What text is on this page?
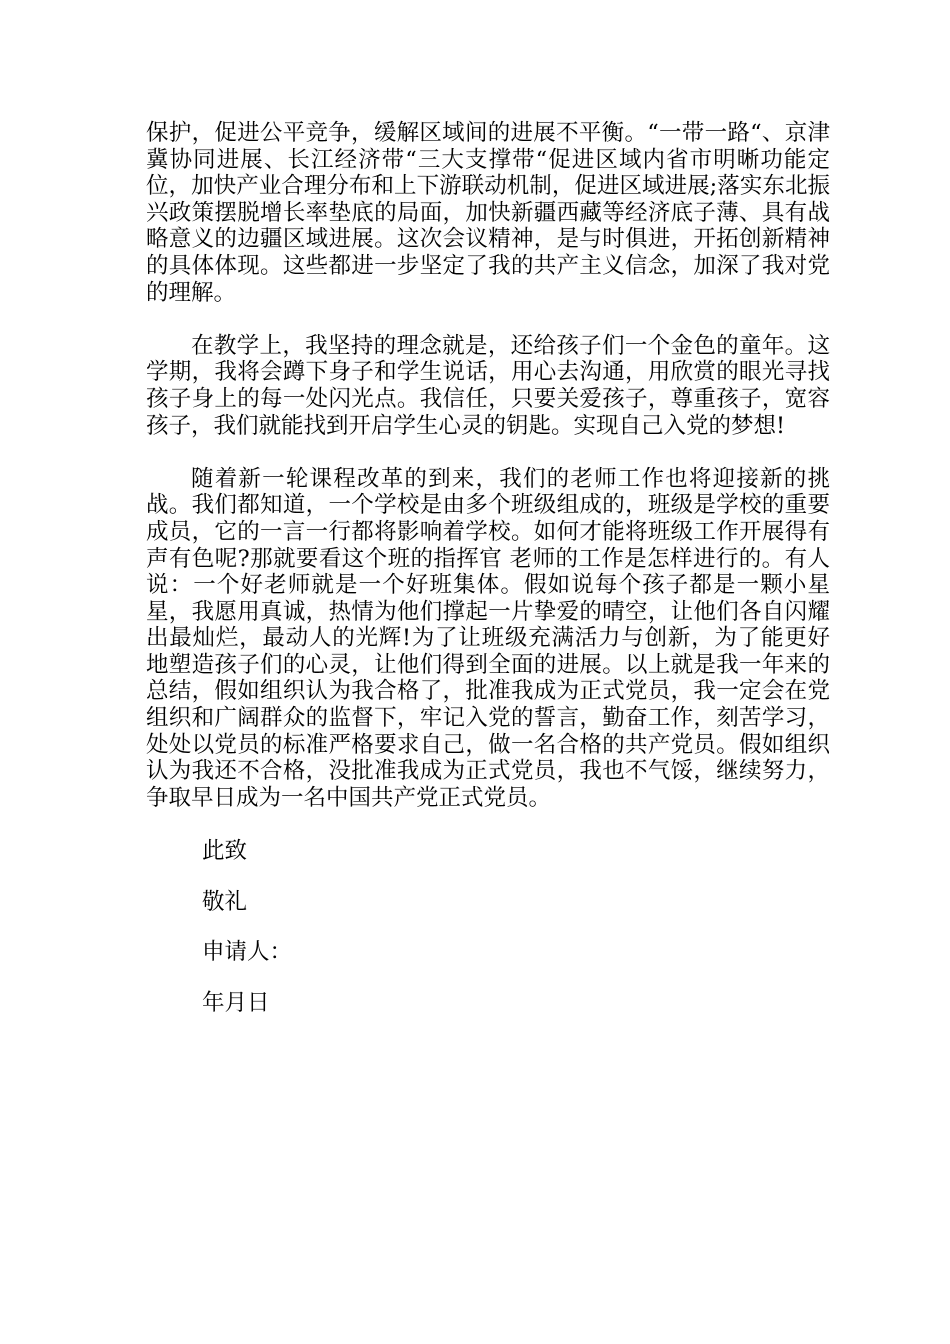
保护，促进公平竞争，缓解区域间的进展不平衡。“一带一路“、京津冀协同进展、长江经济带“三大支撑带“促进区域内省市明晰功能定位，加快产业合理分布和上下游联动机制，促进区域进展;落实东北振兴政策摆脱增长率垫底的局面，加快新疆西藏等经济底子薄、具有战略意义的边疆区域进展。这次会议精神，是与时俱进，开拓创新精神的具体体现。这些都进一步坚定了我的共产主义信念，加深了我对党的理解。

在教学上，我坚持的理念就是，还给孩子们一个金色的童年。这学期，我将会蹲下身子和学生说话，用心去沟通，用欣赏的眼光寻找孩子身上的每一处闪光点。我信任，只要关爱孩子，尊重孩子，宽容孩子，我们就能找到开启学生心灵的钥匙。实现自己入党的梦想!

随着新一轮课程改革的到来，我们的老师工作也将迎接新的挑战。我们都知道，一个学校是由多个班级组成的，班级是学校的重要成员，它的一言一行都将影响着学校。如何才能将班级工作开展得有声有色呢?那就要看这个班的指挥官 老师的工作是怎样进行的。有人说：一个好老师就是一个好班集体。假如说每个孩子都是一颗小星星，我愿用真诚，热情为他们撑起一片挚爱的晴空，让他们各自闪耀出最灿烂，最动人的光辉!为了让班级充满活力与创新，为了能更好地塑造孩子们的心灵，让他们得到全面的进展。以上就是我一年来的总结，假如组织认为我合格了，批准我成为正式党员，我一定会在党组织和广阔群众的监督下，牢记入党的誓言，勤奋工作，刻苦学习，处处以党员的标准严格要求自己，做一名合格的共产党员。假如组织认为我还不合格，没批准我成为正式党员，我也不气馁，继续努力，争取早日成为一名中国共产党正式党员。

此致
敬礼
申请人：
年月日
